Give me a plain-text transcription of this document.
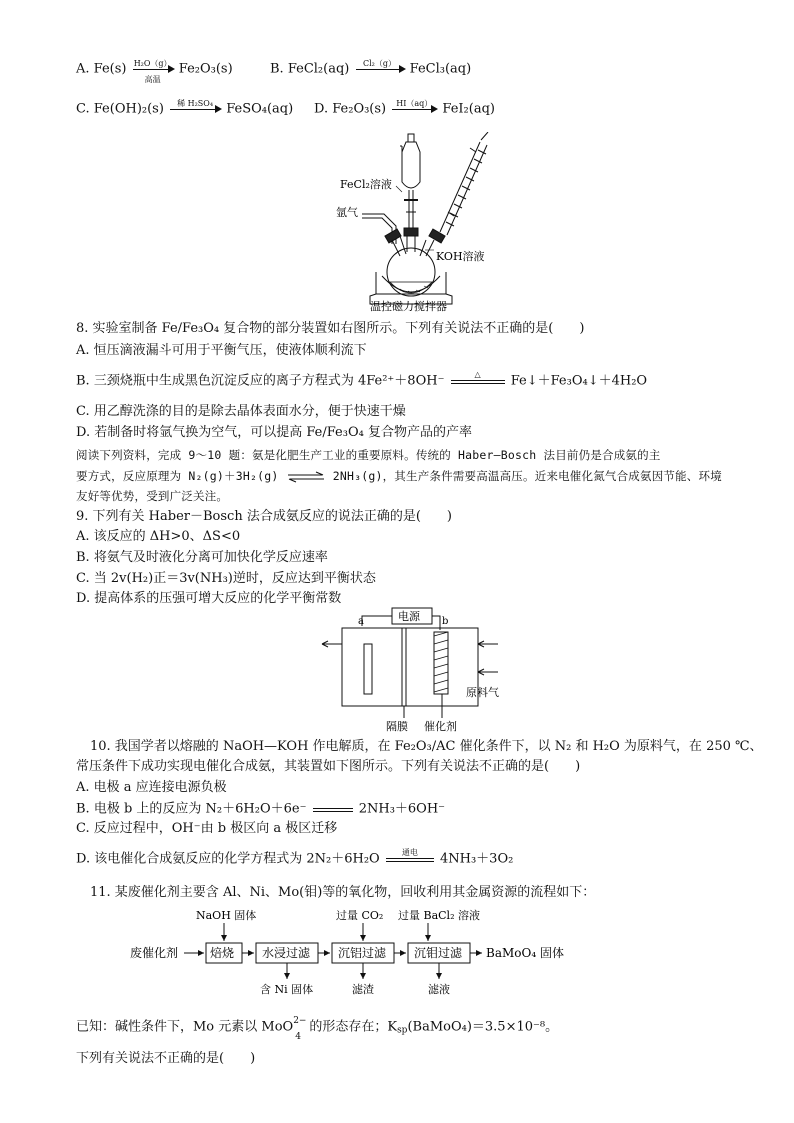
A. Fe(s) H₂O（g）
高温
Fe₂O₃(s)	B. FeCl₂(aq)	Cl₂（g）	FeCl₃(aq)
C. Fe(OH)₂(s)	稀 H₂SO₄	FeSO₄(aq) D. Fe₂O₃(s)	HI（aq） FeI₂(aq)
FeCl₂溶液
氩气
KOH溶液
温控磁力搅拌器
8. 实验室制备 Fe/Fe₃O₄ 复合物的部分装置如右图所示。下列有关说法不正确的是(　　)
A. 恒压滴液漏斗可用于平衡气压，使液体顺利流下
B. 三颈烧瓶中生成黑色沉淀反应的离子方程式为 4Fe²⁺＋8OH⁻	△	Fe↓＋Fe₃O₄↓＋4H₂O
C. 用乙醇洗涤的目的是除去晶体表面水分，便于快速干燥
D. 若制备时将氩气换为空气，可以提高 Fe/Fe₃O₄ 复合物产品的产率
阅读下列资料，完成 9～10 题：氨是化肥生产工业的重要原料。传统的 Haber—Bosch 法目前仍是合成氨的主
要方式，反应原理为 N₂(g)＋3H₂(g) ⇌ 2NH₃(g)，其生产条件需要高温高压。近来电催化氮气合成氨因节能、环境
友好等优势，受到广泛关注。
9. 下列有关 Haber－Bosch 法合成氨反应的说法正确的是(　　)
A. 该反应的 ΔH>0、ΔS<0
B. 将氨气及时液化分离可加快化学反应速率
C. 当 2v(H₂)正＝3v(NH₃)逆时，反应达到平衡状态
D. 提高体系的压强可增大反应的化学平衡常数
电源
a	b
原料气
隔膜 催化剂
10. 我国学者以熔融的 NaOH—KOH 作电解质，在 Fe₂O₃/AC 催化条件下，以 N₂ 和 H₂O 为原料气，在 250 ℃、
常压条件下成功实现电催化合成氨，其装置如下图所示。下列有关说法不正确的是(　　)
A. 电极 a 应连接电源负极
B. 电极 b 上的反应为 N₂＋6H₂O＋6e⁻	2NH₃＋6OH⁻
C. 反应过程中，OH⁻由 b 极区向 a 极区迁移
D. 该电催化合成氨反应的化学方程式为 2N₂＋6H₂O	通电	4NH₃＋3O₂
11. 某废催化剂主要含 Al、Ni、Mo(钼)等的氧化物，回收利用其金属资源的流程如下：
废催化剂	焙烧 水浸过滤 沉铝过滤 沉钼过滤 BaMoO₄ 固体
NaOH 固体	过量 CO₂ 过量 BaCl₂ 溶液
含 Ni 固体	滤渣	滤液
已知：碱性条件下，Mo 元素以 MoO 2−
4
的形态存在；$K_{sp}(BaMoO_4)=3.5\times 10^{-8}$。
下列有关说法不正确的是(　　)
